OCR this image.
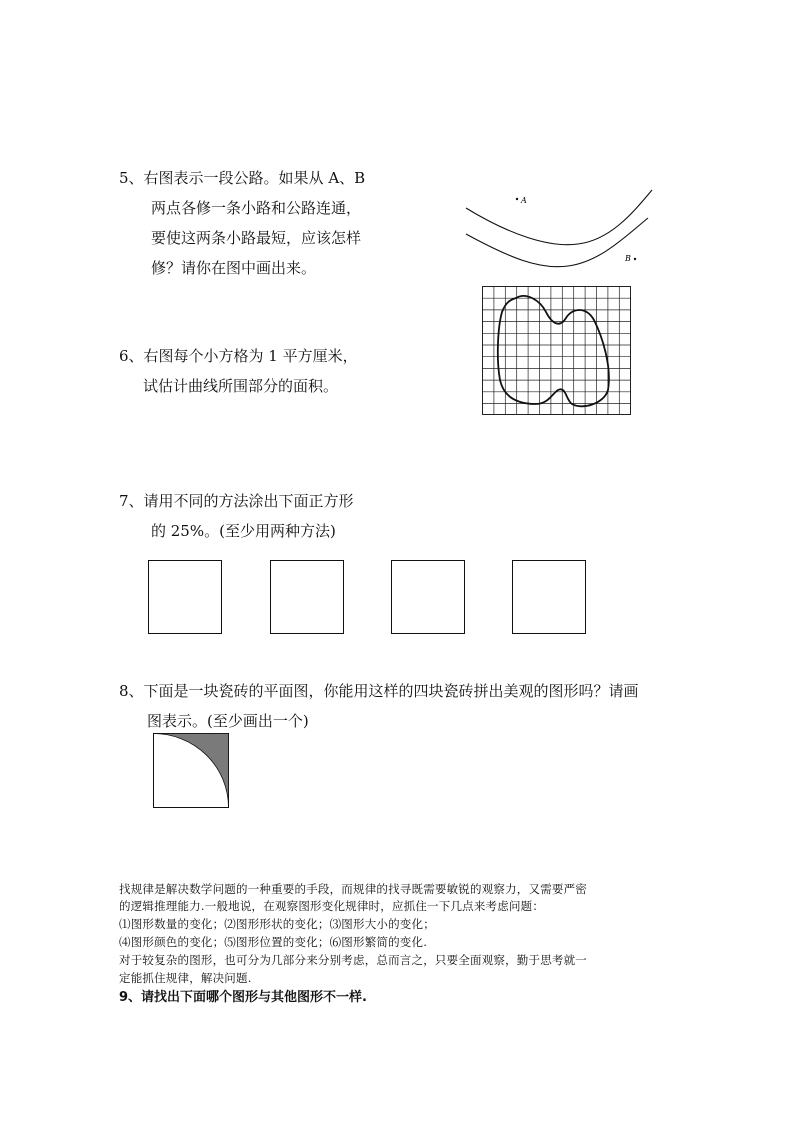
5、右图表示一段公路。如果从 A、B
两点各修一条小路和公路连通，
要使这两条小路最短，应该怎样
修？请你在图中画出来。
A
B
6、右图每个小方格为 1 平方厘米，
试估计曲线所围部分的面积。
7、请用不同的方法涂出下面正方形
的 25%。(至少用两种方法)
8、下面是一块瓷砖的平面图，你能用这样的四块瓷砖拼出美观的图形吗？请画
图表示。(至少画出一个)
找规律是解决数学问题的一种重要的手段，而规律的找寻既需要敏锐的观察力，又需要严密
的逻辑推理能力.一般地说，在观察图形变化规律时，应抓住一下几点来考虑问题：
⑴图形数量的变化；⑵图形形状的变化；⑶图形大小的变化；
⑷图形颜色的变化；⑸图形位置的变化；⑹图形繁简的变化.
对于较复杂的图形，也可分为几部分来分别考虑，总而言之，只要全面观察，勤于思考就一
定能抓住规律，解决问题.
9、请找出下面哪个图形与其他图形不一样.
